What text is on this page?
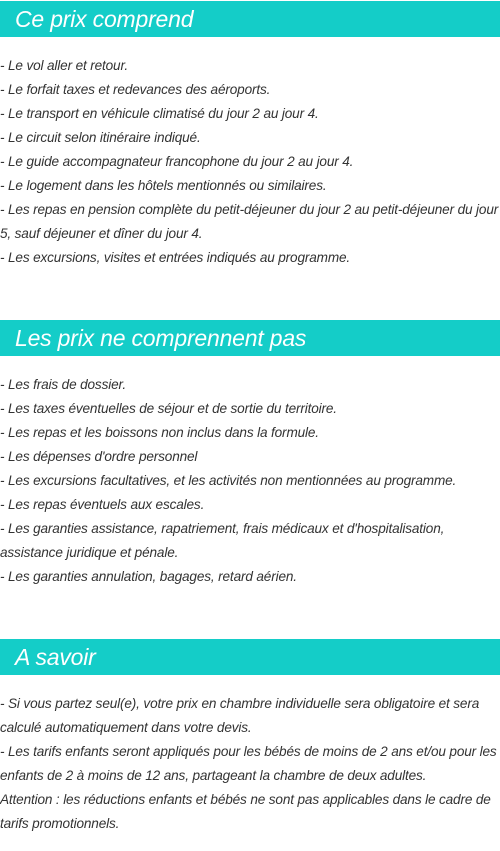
Ce prix comprend
- Le vol aller et retour.
- Le forfait taxes et redevances des aéroports.
- Le transport en véhicule climatisé du jour 2 au jour 4.
- Le circuit selon itinéraire indiqué.
- Le guide accompagnateur francophone du jour 2 au jour 4.
- Le logement dans les hôtels mentionnés ou similaires.
- Les repas en pension complète du petit-déjeuner du jour 2 au petit-déjeuner du jour 5, sauf déjeuner et dîner du jour 4.
- Les excursions, visites et entrées indiqués au programme.
Les prix ne comprennent pas
- Les frais de dossier.
- Les taxes éventuelles de séjour et de sortie du territoire.
- Les repas et les boissons non inclus dans la formule.
- Les dépenses d'ordre personnel
- Les excursions facultatives, et les activités non mentionnées au programme.
- Les repas éventuels aux escales.
- Les garanties assistance, rapatriement, frais médicaux et d'hospitalisation, assistance juridique et pénale.
- Les garanties annulation, bagages, retard aérien.
A savoir
- Si vous partez seul(e), votre prix en chambre individuelle sera obligatoire et sera calculé automatiquement dans votre devis.
- Les tarifs enfants seront appliqués pour les bébés de moins de 2 ans et/ou pour les enfants de 2 à moins de 12 ans, partageant la chambre de deux adultes.
Attention : les réductions enfants et bébés ne sont pas applicables dans le cadre de tarifs promotionnels.
